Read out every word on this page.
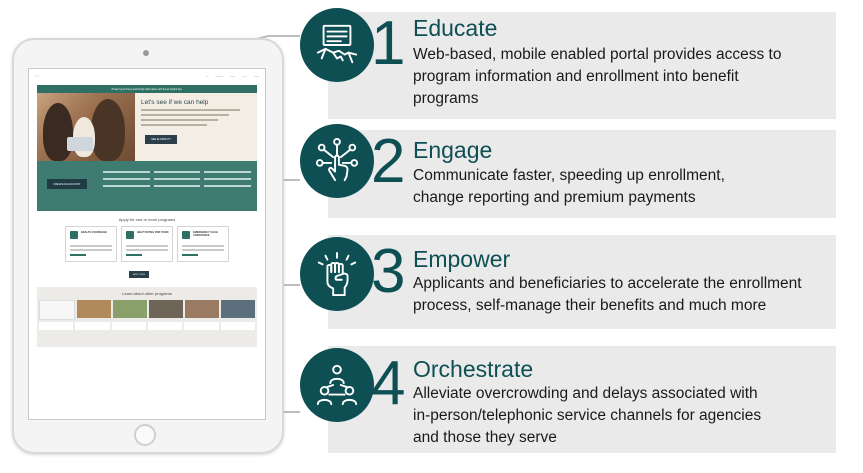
~ ~	—	———	——	——	——
Protect your home and family information with these helpful tips.
Let's see if we can help
SEE ELIGIBILITY
CREATE AN ACCOUNT
Apply for one or more programs
HEALTH COVERAGE	HELP PAYING FOR FOOD	EMERGENCY CASH ASSISTANCE
APPLY NOW
Learn about other programs
1 Educate
Web-based, mobile enabled portal provides access to
program information and enrollment into benefit
programs
2 Engage
Communicate faster, speeding up enrollment,
change reporting and premium payments
3 Empower
Applicants and beneficiaries to accelerate the enrollment
process, self-manage their benefits and much more
4 Orchestrate
Alleviate overcrowding and delays associated with
in-person/telephonic service channels for agencies
and those they serve
